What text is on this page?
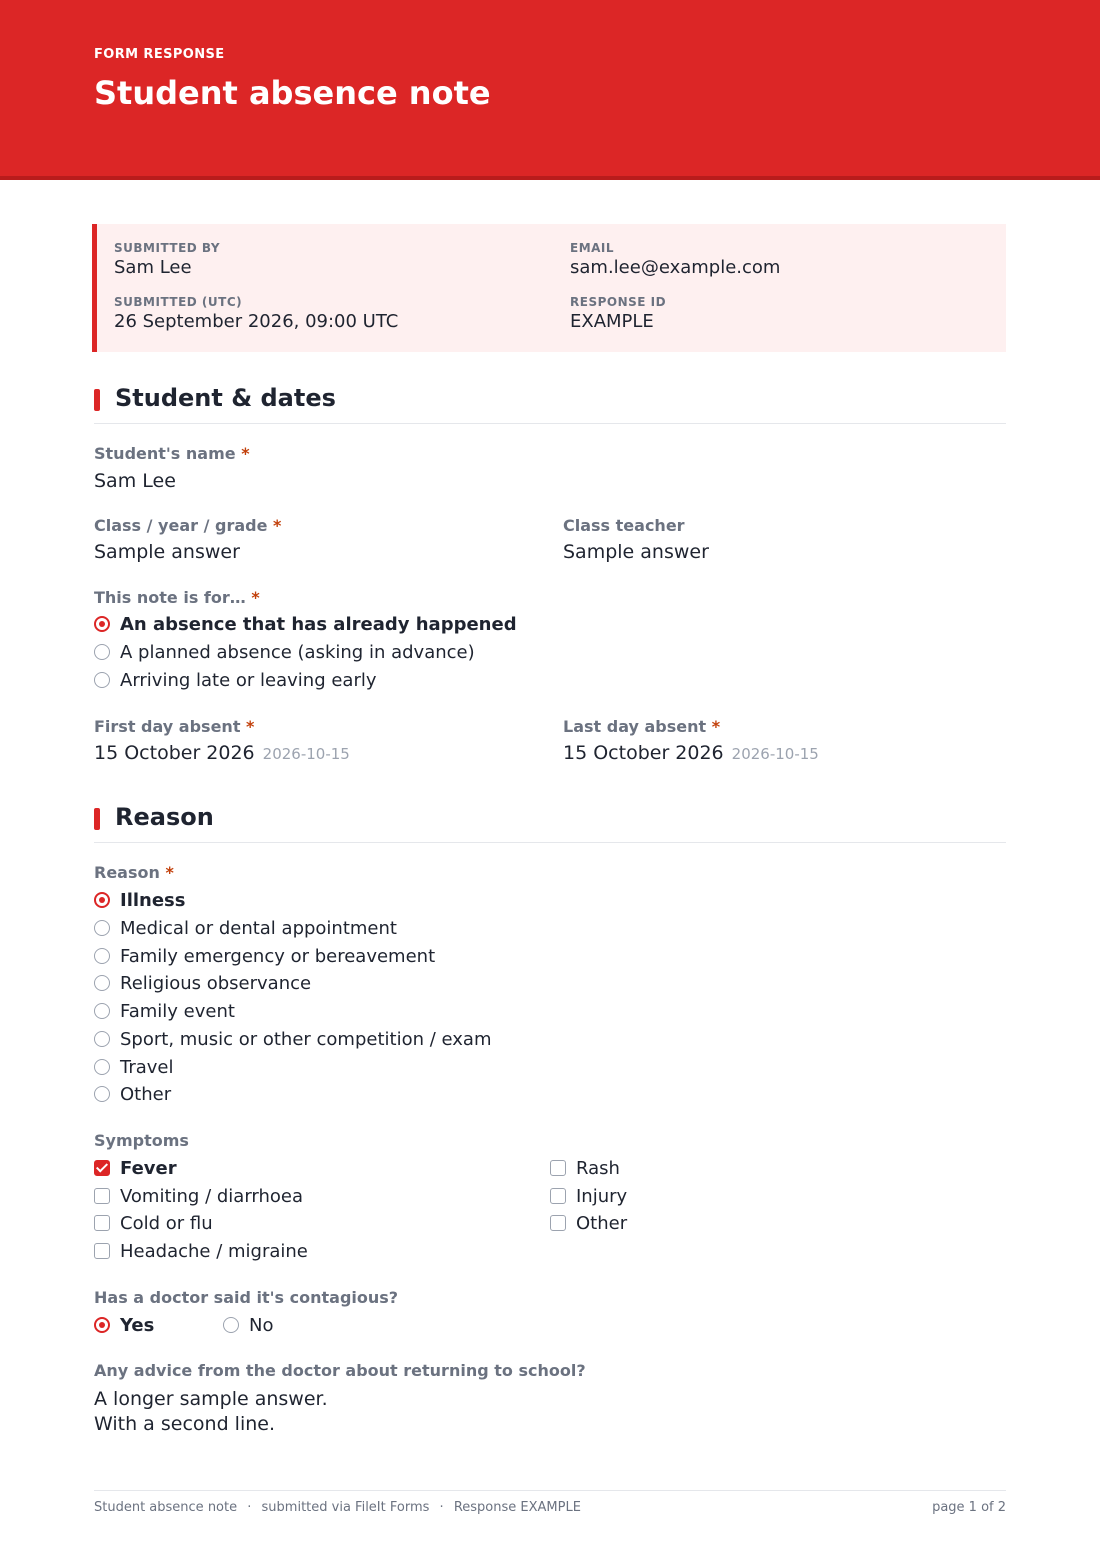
FORM RESPONSE
Student absence note
SUBMITTED BY
Sam Lee
EMAIL
sam.lee@example.com
SUBMITTED (UTC)
26 September 2026, 09:00 UTC
RESPONSE ID
EXAMPLE
Student & dates
Student's name *
Sam Lee
Class / year / grade *
Sample answer
Class teacher
Sample answer
This note is for… *
An absence that has already happened
A planned absence (asking in advance)
Arriving late or leaving early
First day absent *
15 October 2026 2026-10-15
Last day absent *
15 October 2026 2026-10-15
Reason
Reason *
Illness
Medical or dental appointment
Family emergency or bereavement
Religious observance
Family event
Sport, music or other competition / exam
Travel
Other
Symptoms
Fever
Vomiting / diarrhoea
Cold or flu
Headache / migraine
Rash
Injury
Other
Has a doctor said it's contagious?
Yes	No
Any advice from the doctor about returning to school?
A longer sample answer.
With a second line.
Student absence note · submitted via FileIt Forms · Response EXAMPLE	page 1 of 2
